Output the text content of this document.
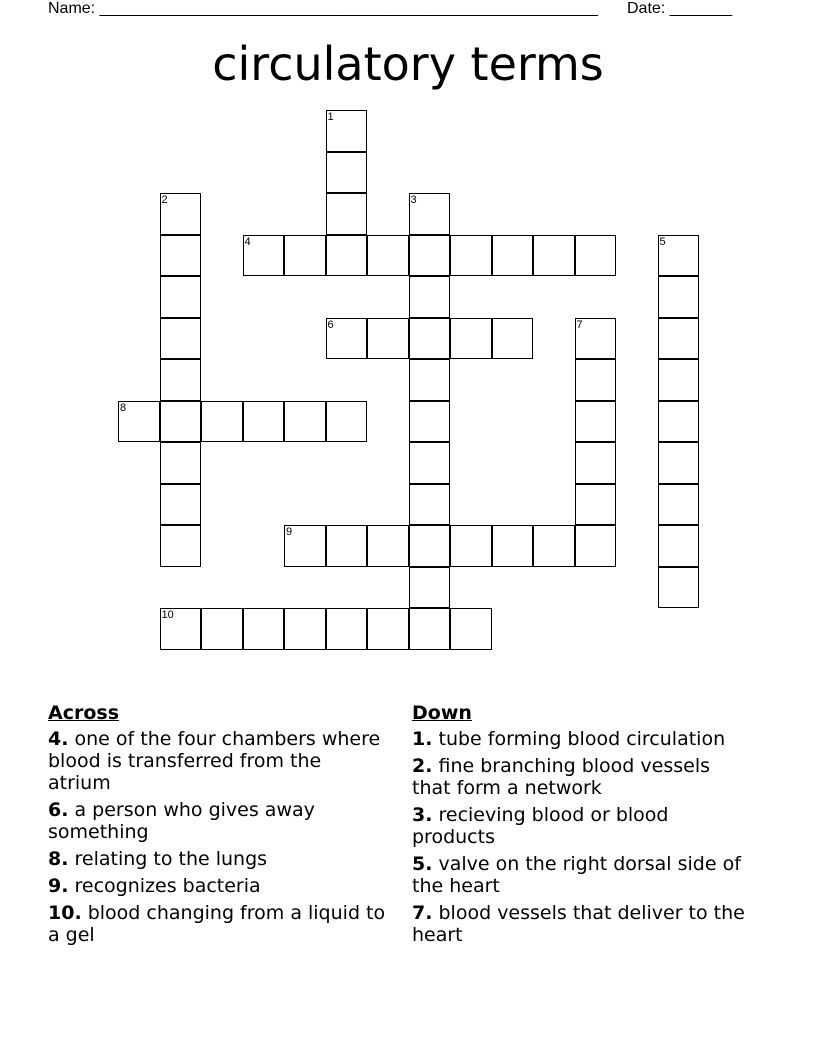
Name: ________________________________________________________ Date: _______
circulatory terms
1
2	3
4	5
6	7
8
9
10
Across
4. one of the four chambers where blood is transferred from the atrium
6. a person who gives away something
8. relating to the lungs
9. recognizes bacteria
10. blood changing from a liquid to a gel
Down
1. tube forming blood circulation
2. fine branching blood vessels that form a network
3. recieving blood or blood products
5. valve on the right dorsal side of the heart
7. blood vessels that deliver to the heart
